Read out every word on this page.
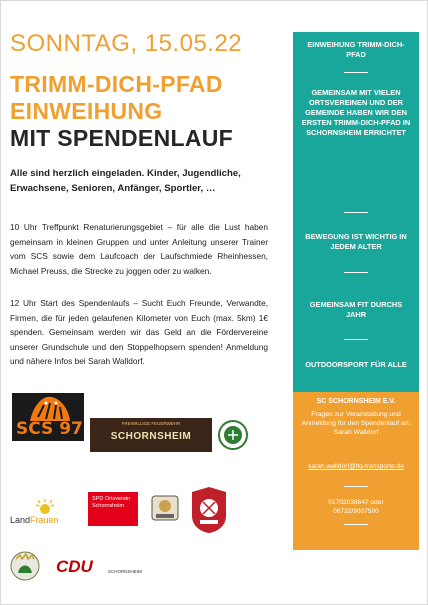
SONNTAG, 15.05.22
TRIMM-DICH-PFAD
EINWEIHUNG
MIT SPENDENLAUF
Alle sind herzlich eingeladen. Kinder, Jugendliche, Erwachsene, Senioren, Anfänger, Sportler, …
10 Uhr Treffpunkt Renaturierungsgebiet – für alle die Lust haben gemeinsam in kleinen Gruppen und unter Anleitung unserer Trainer vom SCS sowie dem Laufcoach der Laufschmiede Rheinhessen, Michael Preuss, die Strecke zu joggen oder zu walken.
12 Uhr Start des Spendenlaufs – Sucht Euch Freunde, Verwandte, Firmen, die für jeden gelaufenen Kilometer von Euch (max. 5km) 1€ spenden. Gemeinsam werden wir das Geld an die Fördervereine unserer Grundschule und den Stoppelhopsern spenden! Anmeldung und nähere Infos bei Sarah Walldorf.
EINWEIHUNG TRIMM-DICH-PFAD
GEMEINSAM MIT VIELEN ORTSVEREINEN UND DER GEMEINDE HABEN WIR DEN ERSTEN TRIMM-DICH-PFAD IN SCHORNSHEIM ERRICHTET
BEWEGUNG IST WICHTIG IN JEDEM ALTER
GEMEINSAM FIT DURCHS JAHR
OUTDOORSPORT FÜR ALLE
SC SCHORNSHEIM E.V.
Fragen zur Veranstaltung und Anmeldung für den Spendenlauf an: Sarah Walldorf
sarah.walldorf@ltq-transporte.de
01702038647 oder
06732/9007500
SCS 97	FREIWILLIGE FEUERWEHR
SCHORNSHEIM
LandFrauen
SPD Ortsverein Schornsheim
CDU	SCHORNSHEIM
